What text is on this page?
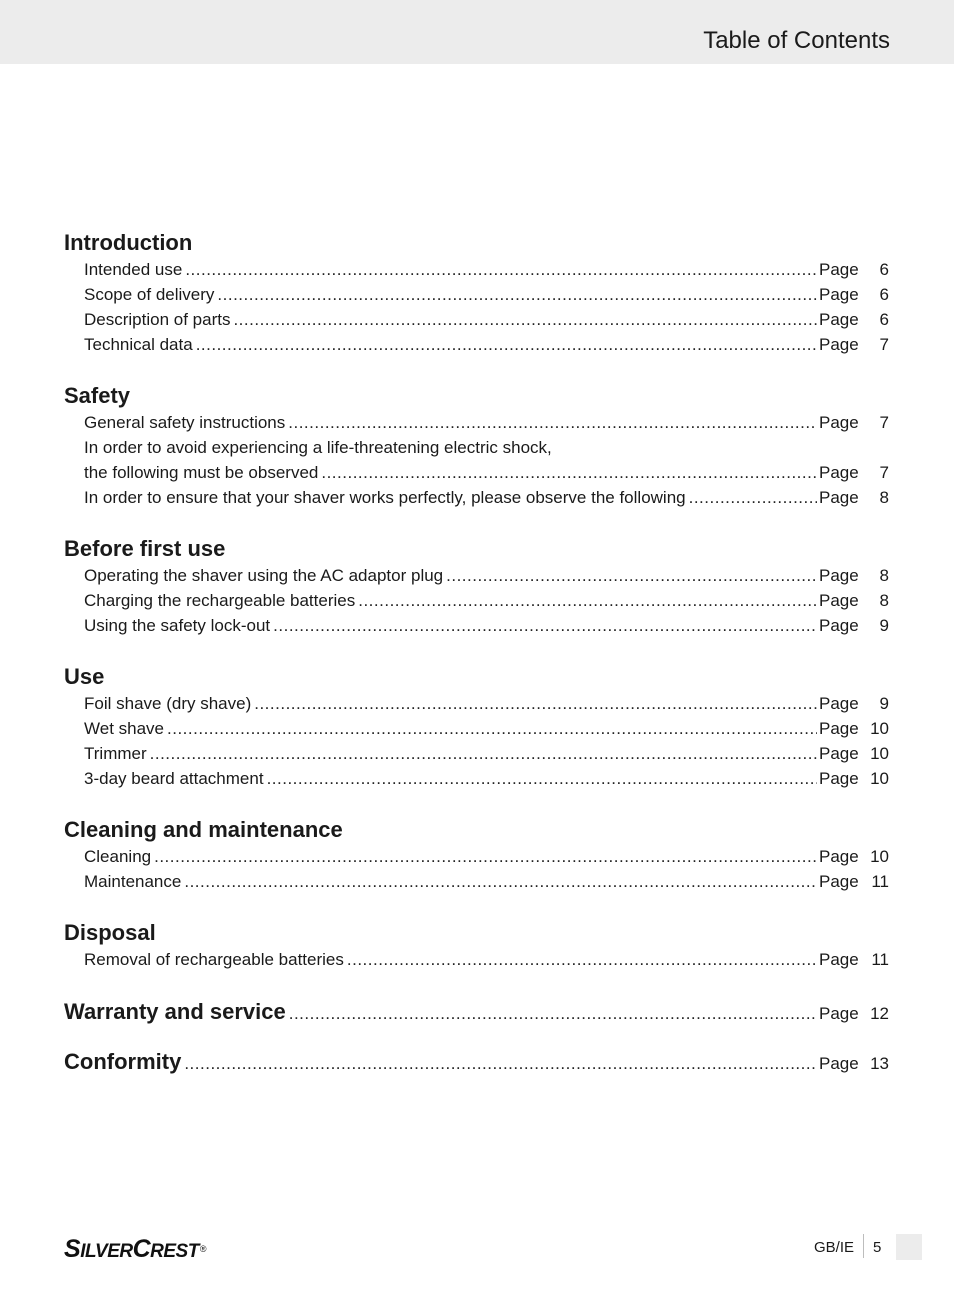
Table of Contents
Introduction
Intended use .....	Page	6
Scope of delivery .....	Page	6
Description of parts .....	Page	6
Technical data .....	Page	7
Safety
General safety instructions .....	Page	7
In order to avoid experiencing a life-threatening electric shock,
the following must be observed .....	Page	7
In order to ensure that your shaver works perfectly, please observe the following .....	Page	8
Before first use
Operating the shaver using the AC adaptor plug .....	Page	8
Charging the rechargeable batteries .....	Page	8
Using the safety lock-out .....	Page	9
Use
Foil shave (dry shave) .....	Page	9
Wet shave .....	Page 10
Trimmer .....	Page 10
3-day beard attachment .....	Page 10
Cleaning and maintenance
Cleaning .....	Page 10
Maintenance .....	Page 11
Disposal
Removal of rechargeable batteries .....	Page 11
Warranty and service .....	Page 12
Conformity .....	Page 13
SILVERCREST®	GB/IE 5
